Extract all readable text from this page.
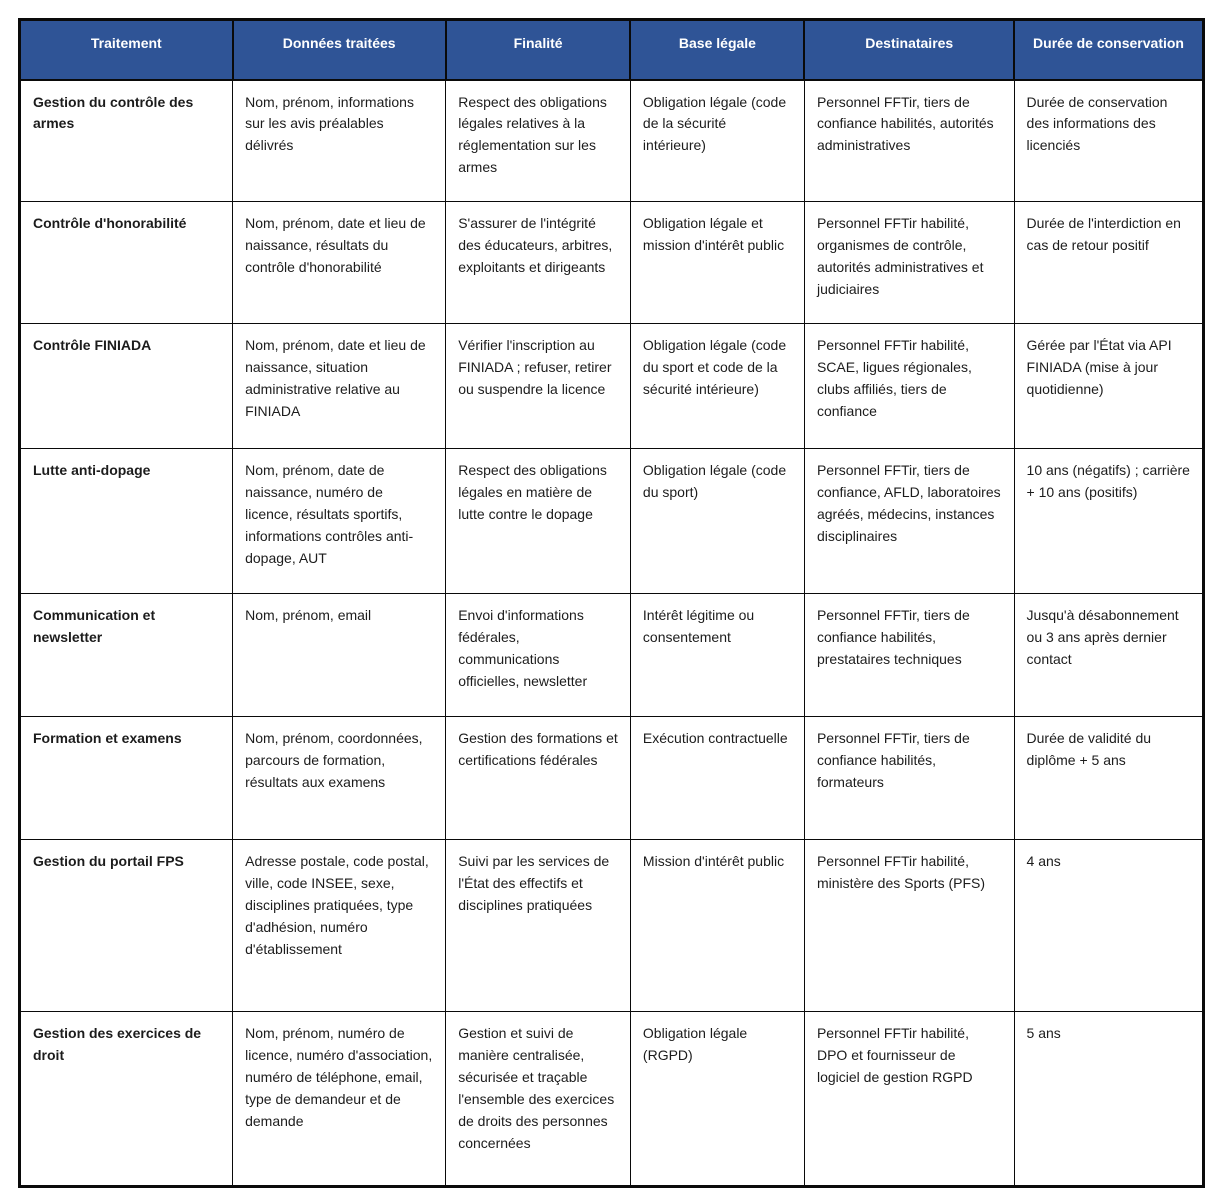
Traitement	Données traitées	Finalité	Base légale	Destinataires	Durée de conservation
Gestion du contrôle des armes	Nom, prénom, informations sur les avis préalables délivrés	Respect des obligations légales relatives à la réglementation sur les armes	Obligation légale (code de la sécurité intérieure)	Personnel FFTir, tiers de confiance habilités, autorités administratives	Durée de conservation des informations des licenciés
Contrôle d'honorabilité	Nom, prénom, date et lieu de naissance, résultats du contrôle d'honorabilité	S'assurer de l'intégrité des éducateurs, arbitres, exploitants et dirigeants	Obligation légale et mission d'intérêt public	Personnel FFTir habilité, organismes de contrôle, autorités administratives et judiciaires	Durée de l'interdiction en cas de retour positif
Contrôle FINIADA	Nom, prénom, date et lieu de naissance, situation administrative relative au FINIADA	Vérifier l'inscription au FINIADA ; refuser, retirer ou suspendre la licence	Obligation légale (code du sport et code de la sécurité intérieure)	Personnel FFTir habilité, SCAE, ligues régionales, clubs affiliés, tiers de confiance	Gérée par l'État via API FINIADA (mise à jour quotidienne)
Lutte anti-dopage	Nom, prénom, date de naissance, numéro de licence, résultats sportifs, informations contrôles anti-dopage, AUT	Respect des obligations légales en matière de lutte contre le dopage	Obligation légale (code du sport)	Personnel FFTir, tiers de confiance, AFLD, laboratoires agréés, médecins, instances disciplinaires	10 ans (négatifs) ; carrière + 10 ans (positifs)
Communication et newsletter	Nom, prénom, email	Envoi d'informations fédérales, communications officielles, newsletter	Intérêt légitime ou consentement	Personnel FFTir, tiers de confiance habilités, prestataires techniques	Jusqu'à désabonnement ou 3 ans après dernier contact
Formation et examens	Nom, prénom, coordonnées, parcours de formation, résultats aux examens	Gestion des formations et certifications fédérales	Exécution contractuelle	Personnel FFTir, tiers de confiance habilités, formateurs	Durée de validité du diplôme + 5 ans
Gestion du portail FPS	Adresse postale, code postal, ville, code INSEE, sexe, disciplines pratiquées, type d'adhésion, numéro d'établissement	Suivi par les services de l'État des effectifs et disciplines pratiquées	Mission d'intérêt public	Personnel FFTir habilité, ministère des Sports (PFS)	4 ans
Gestion des exercices de droit	Nom, prénom, numéro de licence, numéro d'association, numéro de téléphone, email, type de demandeur et de demande	Gestion et suivi de manière centralisée, sécurisée et traçable l'ensemble des exercices de droits des personnes concernées	Obligation légale (RGPD)	Personnel FFTir habilité, DPO et fournisseur de logiciel de gestion RGPD	5 ans
